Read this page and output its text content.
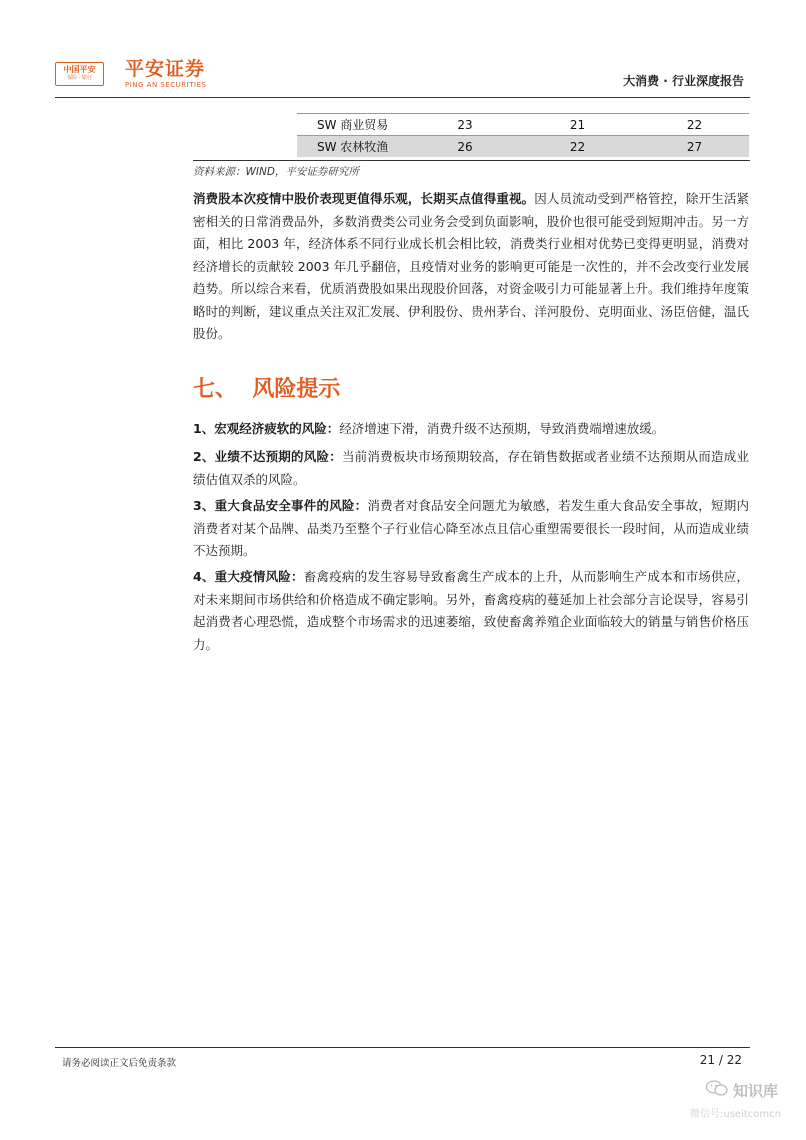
中国平安
保险 · 银行	平安证券
PING AN SECURITIES	大消费 · 行业深度报告
SW 商业贸易	23	21	22
SW 农林牧渔	26	22	27
资料来源：WIND，平安证券研究所

消费股本次疫情中股价表现更值得乐观，长期买点值得重视。因人员流动受到严格管控，除开生活紧密相关的日常消费品外，多数消费类公司业务会受到负面影响，股价也很可能受到短期冲击。另一方面，相比 2003 年，经济体系不同行业成长机会相比较，消费类行业相对优势已变得更明显，消费对经济增长的贡献较 2003 年几乎翻倍，且疫情对业务的影响更可能是一次性的，并不会改变行业发展趋势。所以综合来看，优质消费股如果出现股价回落，对资金吸引力可能显著上升。我们维持年度策略时的判断，建议重点关注双汇发展、伊利股份、贵州茅台、洋河股份、克明面业、汤臣倍健，温氏股份。

七、  风险提示

1、宏观经济疲软的风险：经济增速下滑，消费升级不达预期，导致消费端增速放缓。

2、业绩不达预期的风险：当前消费板块市场预期较高，存在销售数据或者业绩不达预期从而造成业绩估值双杀的风险。

3、重大食品安全事件的风险：消费者对食品安全问题尤为敏感，若发生重大食品安全事故，短期内消费者对某个品牌、品类乃至整个子行业信心降至冰点且信心重塑需要很长一段时间，从而造成业绩不达预期。

4、重大疫情风险：畜禽疫病的发生容易导致畜禽生产成本的上升，从而影响生产成本和市场供应，对未来期间市场供给和价格造成不确定影响。另外，畜禽疫病的蔓延加上社会部分言论误导，容易引起消费者心理恐慌，造成整个市场需求的迅速萎缩，致使畜禽养殖企业面临较大的销量与销售价格压力。

请务必阅读正文后免责条款	21 / 22
知识库
微信号:useitcomcn
